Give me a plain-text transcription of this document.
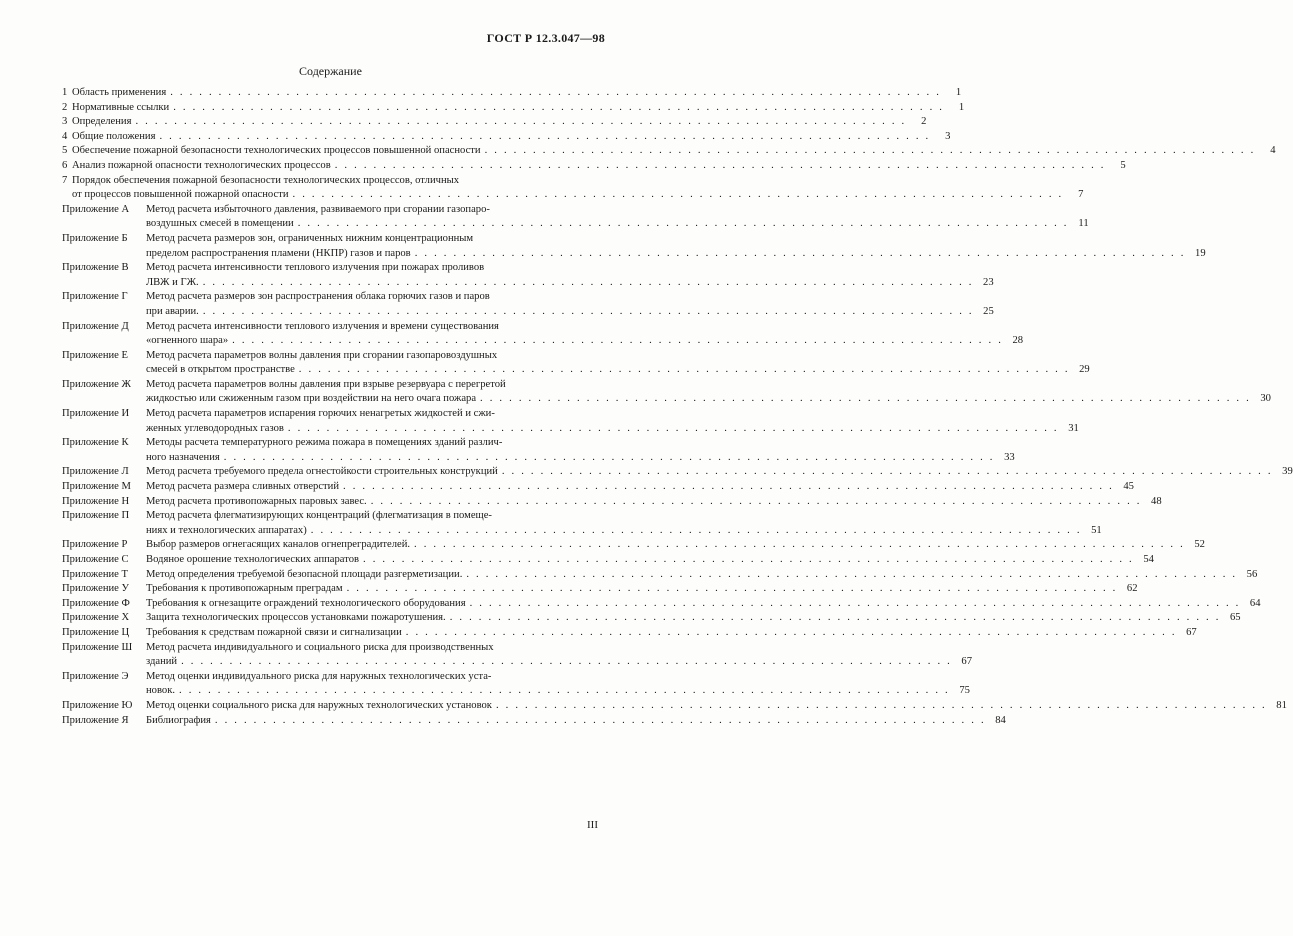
ГОСТ Р 12.3.047—98
Содержание
1 Область применения . . . . . . . . . . . . . . . . . . . . . . . . . . . . . . . . . . . . . . . . . . . . . . . . . . . . . . . . . . . . . . . . . . . . . . . . . . . . . . . .	1
2 Нормативные ссылки . . . . . . . . . . . . . . . . . . . . . . . . . . . . . . . . . . . . . . . . . . . . . . . . . . . . . . . . . . . . . . . . . . . . . . . . . . . . . . . .	1
3 Определения . . . . . . . . . . . . . . . . . . . . . . . . . . . . . . . . . . . . . . . . . . . . . . . . . . . . . . . . . . . . . . . . . . . . . . . . . . . . . . . .	2
4 Общие положения . . . . . . . . . . . . . . . . . . . . . . . . . . . . . . . . . . . . . . . . . . . . . . . . . . . . . . . . . . . . . . . . . . . . . . . . . . . . . . . .	3
5 Обеспечение пожарной безопасности технологических процессов повышенной опасности . . . . . . . . . . . . . . . . . . . . . . . . . . . . . . . . . . . . . . . . . . . . . . . . . . . . . . . . . . . . . . . . . . . . . . . . . . . . . . . .	4
6 Анализ пожарной опасности технологических процессов . . . . . . . . . . . . . . . . . . . . . . . . . . . . . . . . . . . . . . . . . . . . . . . . . . . . . . . . . . . . . . . . . . . . . . . . . . . . . . . .	5
7 Порядок обеспечения пожарной безопасности технологических процессов, отличных
от процессов повышенной пожарной опасности . . . . . . . . . . . . . . . . . . . . . . . . . . . . . . . . . . . . . . . . . . . . . . . . . . . . . . . . . . . . . . . . . . . . . . . . . . . . . . . .	7
Приложение А	Метод расчета избыточного давления, развиваемого при сгорании газопаро-
воздушных смесей в помещении . . . . . . . . . . . . . . . . . . . . . . . . . . . . . . . . . . . . . . . . . . . . . . . . . . . . . . . . . . . . . . . . . . . . . . . . . . . . . . . . 11
Приложение Б	Метод расчета размеров зон, ограниченных нижним концентрационным
пределом распространения пламени (НКПР) газов и паров . . . . . . . . . . . . . . . . . . . . . . . . . . . . . . . . . . . . . . . . . . . . . . . . . . . . . . . . . . . . . . . . . . . . . . . . . . . . . . . . 19
Приложение В	Метод расчета интенсивности теплового излучения при пожарах проливов
ЛВЖ и ГЖ. . . . . . . . . . . . . . . . . . . . . . . . . . . . . . . . . . . . . . . . . . . . . . . . . . . . . . . . . . . . . . . . . . . . . . . . . . . . . . . . . 23
Приложение Г	Метод расчета размеров зон распространения облака горючих газов и паров
при аварии. . . . . . . . . . . . . . . . . . . . . . . . . . . . . . . . . . . . . . . . . . . . . . . . . . . . . . . . . . . . . . . . . . . . . . . . . . . . . . . . . 25
Приложение Д	Метод расчета интенсивности теплового излучения и времени существования
«огненного шара» . . . . . . . . . . . . . . . . . . . . . . . . . . . . . . . . . . . . . . . . . . . . . . . . . . . . . . . . . . . . . . . . . . . . . . . . . . . . . . . . 28
Приложение Е	Метод расчета параметров волны давления при сгорании газопаровоздушных
смесей в открытом пространстве . . . . . . . . . . . . . . . . . . . . . . . . . . . . . . . . . . . . . . . . . . . . . . . . . . . . . . . . . . . . . . . . . . . . . . . . . . . . . . . . 29
Приложение Ж	Метод расчета параметров волны давления при взрыве резервуара с перегретой
жидкостью или сжиженным газом при воздействии на него очага пожара . . . . . . . . . . . . . . . . . . . . . . . . . . . . . . . . . . . . . . . . . . . . . . . . . . . . . . . . . . . . . . . . . . . . . . . . . . . . . . . . 30
Приложение И	Метод расчета параметров испарения горючих ненагретых жидкостей и сжи-
женных углеводородных газов . . . . . . . . . . . . . . . . . . . . . . . . . . . . . . . . . . . . . . . . . . . . . . . . . . . . . . . . . . . . . . . . . . . . . . . . . . . . . . . . 31
Приложение К	Методы расчета температурного режима пожара в помещениях зданий различ-
ного назначения . . . . . . . . . . . . . . . . . . . . . . . . . . . . . . . . . . . . . . . . . . . . . . . . . . . . . . . . . . . . . . . . . . . . . . . . . . . . . . . . 33
Приложение Л	Метод расчета требуемого предела огнестойкости строительных конструкций . . . . . . . . . . . . . . . . . . . . . . . . . . . . . . . . . . . . . . . . . . . . . . . . . . . . . . . . . . . . . . . . . . . . . . . . . . . . . . . . 39
Приложение М	Метод расчета размера сливных отверстий . . . . . . . . . . . . . . . . . . . . . . . . . . . . . . . . . . . . . . . . . . . . . . . . . . . . . . . . . . . . . . . . . . . . . . . . . . . . . . . . 45
Приложение Н	Метод расчета противопожарных паровых завес. . . . . . . . . . . . . . . . . . . . . . . . . . . . . . . . . . . . . . . . . . . . . . . . . . . . . . . . . . . . . . . . . . . . . . . . . . . . . . . . . 48
Приложение П	Метод расчета флегматизирующих концентраций (флегматизация в помеще-
ниях и технологических аппаратах) . . . . . . . . . . . . . . . . . . . . . . . . . . . . . . . . . . . . . . . . . . . . . . . . . . . . . . . . . . . . . . . . . . . . . . . . . . . . . . . . 51
Приложение Р	Выбор размеров огнегасящих каналов огнепреградителей. . . . . . . . . . . . . . . . . . . . . . . . . . . . . . . . . . . . . . . . . . . . . . . . . . . . . . . . . . . . . . . . . . . . . . . . . . . . . . . . . 52
Приложение С	Водяное орошение технологических аппаратов . . . . . . . . . . . . . . . . . . . . . . . . . . . . . . . . . . . . . . . . . . . . . . . . . . . . . . . . . . . . . . . . . . . . . . . . . . . . . . . . 54
Приложение Т	Метод определения требуемой безопасной площади разгерметизации. . . . . . . . . . . . . . . . . . . . . . . . . . . . . . . . . . . . . . . . . . . . . . . . . . . . . . . . . . . . . . . . . . . . . . . . . . . . . . . . . 56
Приложение У	Требования к противопожарным преградам . . . . . . . . . . . . . . . . . . . . . . . . . . . . . . . . . . . . . . . . . . . . . . . . . . . . . . . . . . . . . . . . . . . . . . . . . . . . . . . . 62
Приложение Ф	Требования к огнезащите ограждений технологического оборудования . . . . . . . . . . . . . . . . . . . . . . . . . . . . . . . . . . . . . . . . . . . . . . . . . . . . . . . . . . . . . . . . . . . . . . . . . . . . . . . . 64
Приложение Х	Защита технологических процессов установками пожаротушения. . . . . . . . . . . . . . . . . . . . . . . . . . . . . . . . . . . . . . . . . . . . . . . . . . . . . . . . . . . . . . . . . . . . . . . . . . . . . . . . . 65
Приложение Ц	Требования к средствам пожарной связи и сигнализации . . . . . . . . . . . . . . . . . . . . . . . . . . . . . . . . . . . . . . . . . . . . . . . . . . . . . . . . . . . . . . . . . . . . . . . . . . . . . . . . 67
Приложение Ш	Метод расчета индивидуального и социального риска для производственных
зданий . . . . . . . . . . . . . . . . . . . . . . . . . . . . . . . . . . . . . . . . . . . . . . . . . . . . . . . . . . . . . . . . . . . . . . . . . . . . . . . . 67
Приложение Э	Метод оценки индивидуального риска для наружных технологических уста-
новок. . . . . . . . . . . . . . . . . . . . . . . . . . . . . . . . . . . . . . . . . . . . . . . . . . . . . . . . . . . . . . . . . . . . . . . . . . . . . . . . . 75
Приложение Ю	Метод оценки социального риска для наружных технологических установок . . . . . . . . . . . . . . . . . . . . . . . . . . . . . . . . . . . . . . . . . . . . . . . . . . . . . . . . . . . . . . . . . . . . . . . . . . . . . . . . 81
Приложение Я	Библиография . . . . . . . . . . . . . . . . . . . . . . . . . . . . . . . . . . . . . . . . . . . . . . . . . . . . . . . . . . . . . . . . . . . . . . . . . . . . . . . . 84
III
